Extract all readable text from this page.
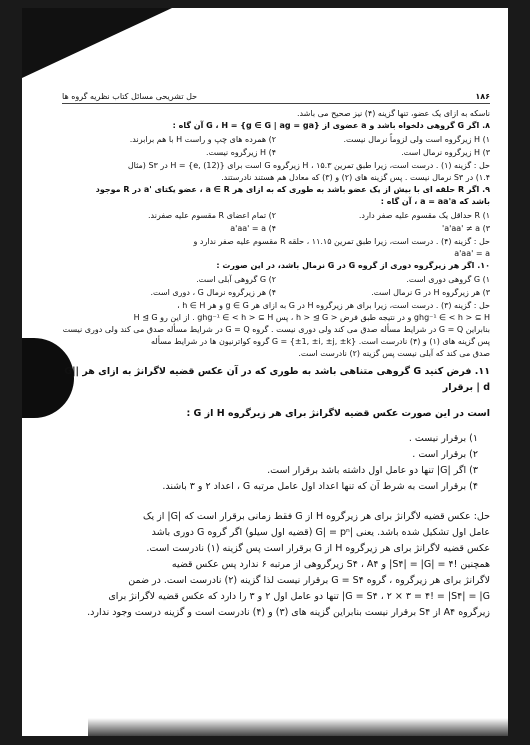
۱۸۶
حل تشریحی مسائل کتاب نظریه گروه ها

ناسکه به ازای یک عضو، تنها گزینه (۴) نیز صحیح می باشد.

۸. اگر G گروهی دلخواه باشد و a عضوی از G ، H = {g ∈ G | ag = ga} آن گاه :

۱) H زیرگروه است ولی لزوماً نرمال نیست.
۲) همرده های چپ و راست H با هم برابرند.
۳) H زیرگروه نرمال است.
۴) H زیرگروه نیست.

حل : گزینه (۱) . درست است، زیرا طبق تمرین ۱۵.۳ ، H زیرگروه G است برای H = {e, (12)} در S۳ (مثال

۱.۴) در S۳ نرمال نیست . پس گزینه های (۲) و (۳) که معادل هم هستند نادرستند.

۹. اگر R حلقه ای با بیش از یک عضو باشد به طوری که به ازای هر a ∈ R ، عضو یکتای 'a در R موجود

باشد که a = aa'a ، آن گاه :

۱) R حداقل یک مقسوم علیه صفر دارد.
۲) تمام اعضای R مقسوم علیه صفرند.
۳) a'aa' ≠ a'
۴) a'aa' = a

حل : گزینه (۴) . درست است، زیرا طبق تمرین ۱۱.۱۵ ، حلقه R مقسوم علیه صفر ندارد و

a'aa' = a

۱۰. اگر هر زیرگروه دوری از گروه G در G نرمال باشد، در این صورت :

۱) G گروهی دوری است.
۲) G گروهی آبلی است.
۳) هر زیرگروه H در G نرمال است.
۴) هر زیرگروه نرمال G ، دوری است.

حل : گزینه (۳) . درست است، زیرا برای هر زیرگروه H در G به ازای هر g ∈ G و هر h ∈ H ،

ghg⁻¹ ∈ < h > ⊆ H و در نتیجه طبق فرض < h > ⊴ G ، پس ghg⁻¹ ∈ < h > ⊆ H . از این رو H ⊴ G

بنابراین G = Q در شرایط مسأله صدق می کند ولی دوری نیست . گروه G = Q در شرایط مسأله صدق می کند ولی دوری نیست

پس گزینه های (۱) و (۴) نادرست است. G = {±1, ±i, ±j, ±k} گروه کواترنیون ها در شرایط مسأله

صدق می کند که آبلی نیست پس گزینه (۲) نادرست است.

۱۱. فرض کنید G گروهی متناهی باشد به طوری که در آن عکس قضیه لاگرانژ به ازای هر |G| | d برقرار

است در این صورت عکس قضیه لاگرانژ برای هر زیرگروه H از G :

۱) برقرار نیست .

۲) برقرار است .

۳) اگر |G| تنها دو عامل اول داشته باشد برقرار است.

۴) برقرار است به شرط آن که تنها اعداد اول عامل مرتبه G ، اعداد ۲ و ۳ باشند.

حل: عکس قضیه لاگرانژ برای هر زیرگروه H از G فقط زمانی برقرار است که |G| از یک

عامل اول تشکیل شده باشد. یعنی |G| = pⁿ (قضیه اول سیلو) اگر گروه G دوری باشد

عکس قضیه لاگرانژ برای هر زیرگروه H از G برقرار است پس گزینه (۱) نادرست است.

همچنین !۴ = |S۴| = |G| و S۴ ، A۴ زیرگروهی از مرتبه ۶ ندارد پس عکس قضیه

لاگرانژ برای هر زیرگروه ، گروه G = S۴ برقرار نیست لذا گزینه (۲) نادرست است. در ضمن

G = S۴ ، ۲ × ۳ = ۴! = |S۴| = |G| تنها دو عامل اول ۲ و ۳ را دارد که عکس قضیه لاگرانژ برای

زیرگروه A۴ از S۴ برقرار نیست بنابراین گزینه های (۳) و (۴) نادرست است و گزینه درست وجود ندارد.
